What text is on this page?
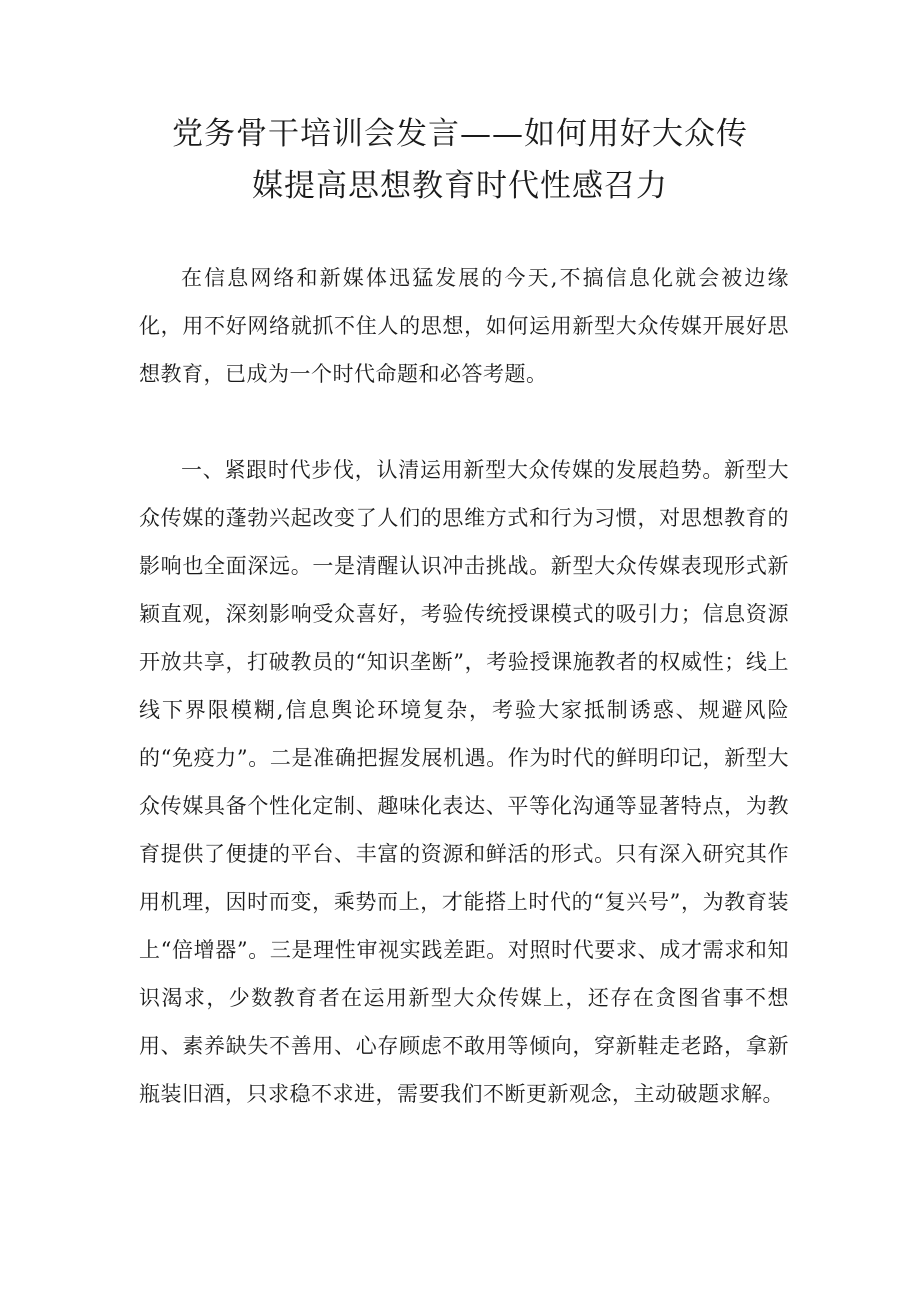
党务骨干培训会发言——如何用好大众传
媒提高思想教育时代性感召力

在信息网络和新媒体迅猛发展的今天,不搞信息化就会被边缘化，用不好网络就抓不住人的思想，如何运用新型大众传媒开展好思想教育，已成为一个时代命题和必答考题。

一、紧跟时代步伐，认清运用新型大众传媒的发展趋势。新型大众传媒的蓬勃兴起改变了人们的思维方式和行为习惯，对思想教育的影响也全面深远。一是清醒认识冲击挑战。新型大众传媒表现形式新颖直观，深刻影响受众喜好，考验传统授课模式的吸引力；信息资源开放共享，打破教员的“知识垄断”，考验授课施教者的权威性；线上线下界限模糊,信息舆论环境复杂，考验大家抵制诱惑、规避风险的“免疫力”。二是准确把握发展机遇。作为时代的鲜明印记，新型大众传媒具备个性化定制、趣味化表达、平等化沟通等显著特点，为教育提供了便捷的平台、丰富的资源和鲜活的形式。只有深入研究其作用机理，因时而变，乘势而上，才能搭上时代的“复兴号”，为教育装上“倍增器”。三是理性审视实践差距。对照时代要求、成才需求和知识渴求，少数教育者在运用新型大众传媒上，还存在贪图省事不想用、素养缺失不善用、心存顾虑不敢用等倾向，穿新鞋走老路，拿新瓶装旧酒，只求稳不求进，需要我们不断更新观念，主动破题求解。
